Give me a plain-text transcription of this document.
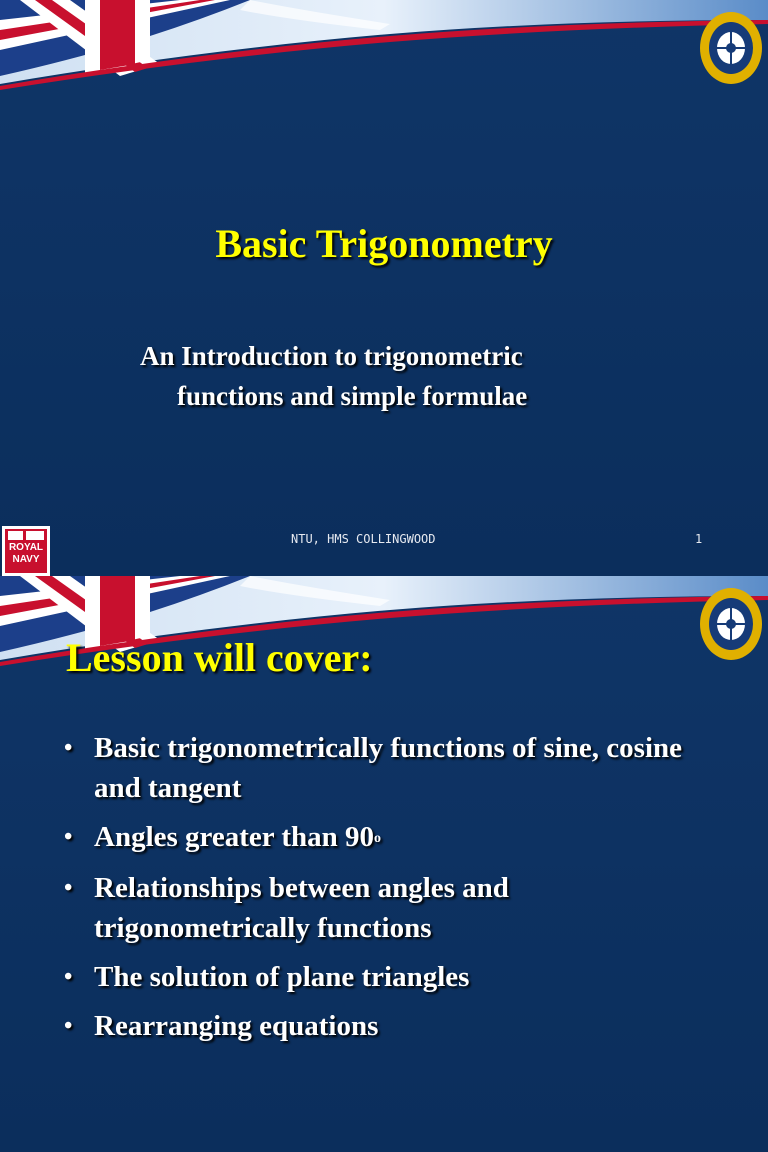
Basic Trigonometry
An Introduction to trigonometric
functions and simple formulae
ROYAL
NAVY
NTU, HMS COLLINGWOOD	1
Lesson will cover:
• Basic trigonometrically functions of sine, cosine and tangent
• Angles greater than 90$^o$
• Relationships between angles and trigonometrically functions
• The solution of plane triangles
• Rearranging equations
